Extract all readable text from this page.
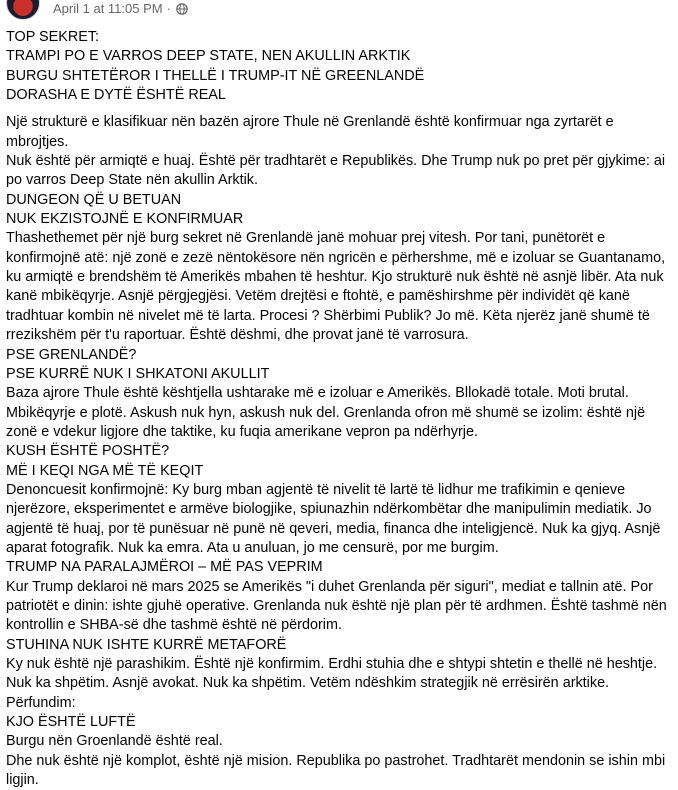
April 1 at 11:05 PM ·

TOP SEKRET:

TRAMPI PO E VARROS DEEP STATE, NEN AKULLIN ARKTIK

BURGU SHTETËROR I THELLË I TRUMP-IT NË GREENLANDË

DORASHA E DYTË ËSHTË REAL

Një strukturë e klasifikuar nën bazën ajrore Thule në Grenlandë është konfirmuar nga zyrtarët e mbrojtjes.

Nuk është për armiqtë e huaj. Është për tradhtarët e Republikës. Dhe Trump nuk po pret për gjykime: ai po varros Deep State nën akullin Arktik.

DUNGEON QË U BETUAN

NUK EKZISTOJNË E KONFIRMUAR

Thashethemet për një burg sekret në Grenlandë janë mohuar prej vitesh. Por tani, punëtorët e konfirmojnë atë: një zonë e zezë nëntokësore nën ngricën e përhershme, më e izoluar se Guantanamo, ku armiqtë e brendshëm të Amerikës mbahen të heshtur. Kjo strukturë nuk është në asnjë libër. Ata nuk kanë mbikëqyrje. Asnjë përgjegjësi. Vetëm drejtësi e ftohtë, e pamëshirshme për individët që kanë tradhtuar kombin në nivelet më të larta. Procesi ? Shërbimi Publik? Jo më. Këta njerëz janë shumë të rrezikshëm për t'u raportuar. Është dëshmi, dhe provat janë të varrosura.

PSE GRENLANDË?

PSE KURRË NUK I SHKATONI AKULLIT

Baza ajrore Thule është kështjella ushtarake më e izoluar e Amerikës. Bllokadë totale. Moti brutal. Mbikëqyrje e plotë. Askush nuk hyn, askush nuk del. Grenlanda ofron më shumë se izolim: është një zonë e vdekur ligjore dhe taktike, ku fuqia amerikane vepron pa ndërhyrje.

KUSH ËSHTË POSHTË?

MË I KEQI NGA MË TË KEQIT

Denoncuesit konfirmojnë: Ky burg mban agjentë të nivelit të lartë të lidhur me trafikimin e qenieve njerëzore, eksperimentet e armëve biologjike, spiunazhin ndërkombëtar dhe manipulimin mediatik. Jo agjentë të huaj, por të punësuar në punë në qeveri, media, financa dhe inteligjencë. Nuk ka gjyq. Asnjë aparat fotografik. Nuk ka emra. Ata u anuluan, jo me censurë, por me burgim.

TRUMP NA PARALAJMËROI – MË PAS VEPRIM

Kur Trump deklaroi në mars 2025 se Amerikës "i duhet Grenlanda për siguri", mediat e tallnin atë. Por patriotët e dinin: ishte gjuhë operative. Grenlanda nuk është një plan për të ardhmen. Është tashmë nën kontrollin e SHBA-së dhe tashmë është në përdorim.

STUHINA NUK ISHTE KURRË METAFORË

Ky nuk është një parashikim. Është një konfirmim. Erdhi stuhia dhe e shtypi shtetin e thellë në heshtje. Nuk ka shpëtim. Asnjë avokat. Nuk ka shpëtim. Vetëm ndëshkim strategjik në errësirën arktike.

Përfundim:

KJO ËSHTË LUFTË

Burgu nën Groenlandë është real.

Dhe nuk është një komplot, është një mision. Republika po pastrohet. Tradhtarët mendonin se ishin mbi ligjin.
